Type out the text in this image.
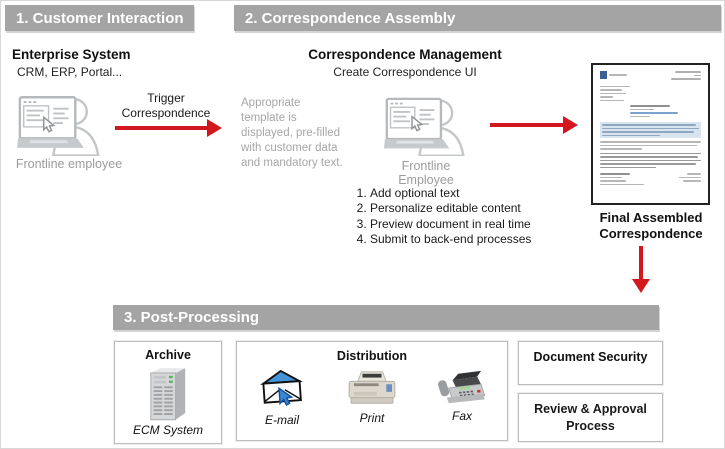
1. Customer Interaction	2. Correspondence Assembly
3. Post-Processing
Enterprise System
CRM, ERP, Portal...
Frontline employee
Trigger Correspondence
Correspondence Management
Create Correspondence UI
Appropriate template is displayed, pre-filled with customer data and mandatory text.	Frontline Employee
1. Add optional text
2. Personalize editable content
3. Preview document in real time
4. Submit to back-end processes
Final Assembled Correspondence
Archive
ECM System
Distribution
E-mail	Print	Fax
Document Security
Review & Approval Process
